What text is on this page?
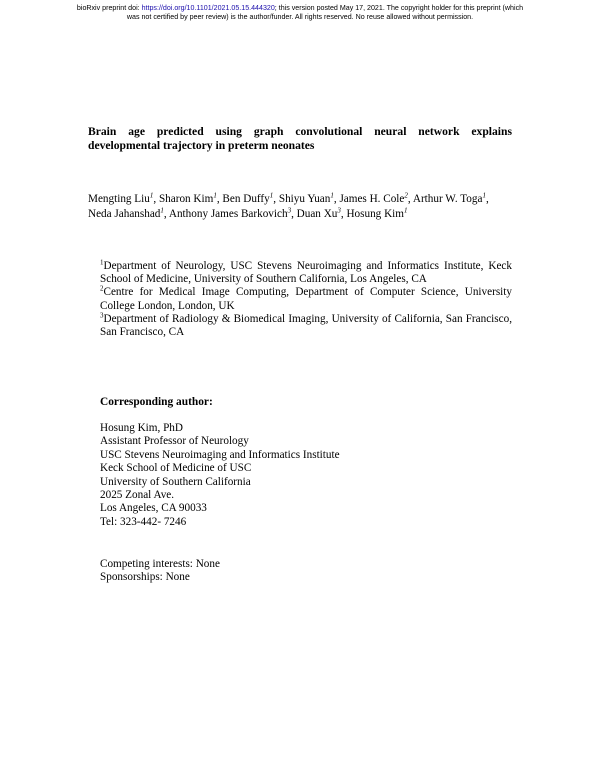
bioRxiv preprint doi: https://doi.org/10.1101/2021.05.15.444320; this version posted May 17, 2021. The copyright holder for this preprint (which
was not certified by peer review) is the author/funder. All rights reserved. No reuse allowed without permission.
Brain age predicted using graph convolutional neural network explains
developmental trajectory in preterm neonates
Mengting Liu$^1$, Sharon Kim$^1$, Ben Duffy$^1$, Shiyu Yuan$^1$, James H. Cole$^2$, Arthur W. Toga$^1$,
Neda Jahanshad$^1$, Anthony James Barkovich$^3$, Duan Xu$^3$, Hosung Kim$^1$

$^1$Department of Neurology, USC Stevens Neuroimaging and Informatics Institute, Keck School of Medicine, University of Southern California, Los Angeles, CA

$^2$Centre for Medical Image Computing, Department of Computer Science, University College London, London, UK

$^3$Department of Radiology & Biomedical Imaging, University of California, San Francisco, San Francisco, CA

Corresponding author:
Hosung Kim, PhD
Assistant Professor of Neurology
USC Stevens Neuroimaging and Informatics Institute
Keck School of Medicine of USC
University of Southern California
2025 Zonal Ave.
Los Angeles, CA 90033
Tel: 323-442- 7246
Competing interests: None
Sponsorships: None
